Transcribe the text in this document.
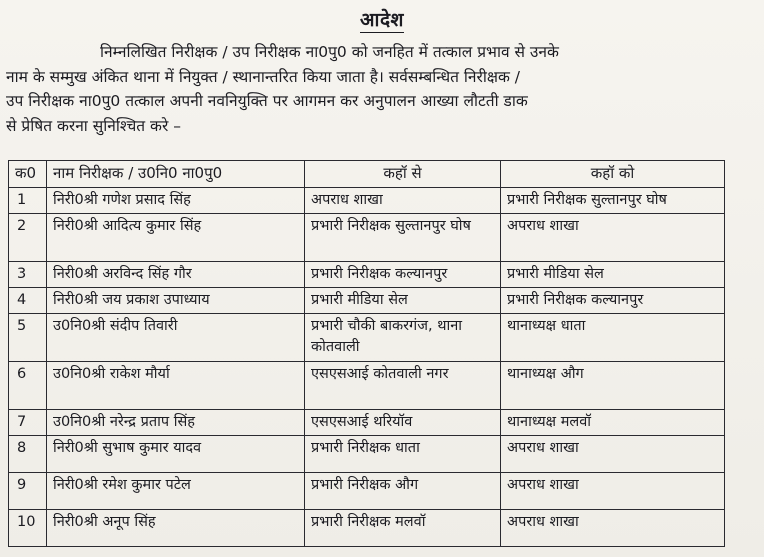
आदेश
निम्नलिखित निरीक्षक / उप निरीक्षक ना0पु0 को जनहित में तत्काल प्रभाव से उनके
नाम के सम्मुख अंकित थाना में नियुक्त / स्थानान्तरित किया जाता है। सर्वसम्बन्धित निरीक्षक /
उप निरीक्षक ना0पु0 तत्काल अपनी नवनियुक्ति पर आगमन कर अनुपालन आख्या लौटती डाक
से प्रेषित करना सुनिश्चित करे –
क0	नाम निरीक्षक / उ0नि0 ना0पु0	कहॉ से	कहॉ को
1	निरी0श्री गणेश प्रसाद सिंह	अपराध शाखा	प्रभारी निरीक्षक सुल्तानपुर घोष
2	निरी0श्री आदित्य कुमार सिंह	प्रभारी निरीक्षक सुल्तानपुर घोष	अपराध शाखा
3	निरी0श्री अरविन्द सिंह गौर	प्रभारी निरीक्षक कल्यानपुर	प्रभारी मीडिया सेल
4	निरी0श्री जय प्रकाश उपाध्याय	प्रभारी मीडिया सेल	प्रभारी निरीक्षक कल्यानपुर
5	उ0नि0श्री संदीप तिवारी	प्रभारी चौकी बाकरगंज, थाना कोतवाली	थानाध्यक्ष धाता
6	उ0नि0श्री राकेश मौर्या	एसएसआई कोतवाली नगर	थानाध्यक्ष औग
7	उ0नि0श्री नरेन्द्र प्रताप सिंह	एसएसआई थरियॉव	थानाध्यक्ष मलवॉ
8	निरी0श्री सुभाष कुमार यादव	प्रभारी निरीक्षक धाता	अपराध शाखा
9	निरी0श्री रमेश कुमार पटेल	प्रभारी निरीक्षक औग	अपराध शाखा
10	निरी0श्री अनूप सिंह	प्रभारी निरीक्षक मलवॉ	अपराध शाखा
